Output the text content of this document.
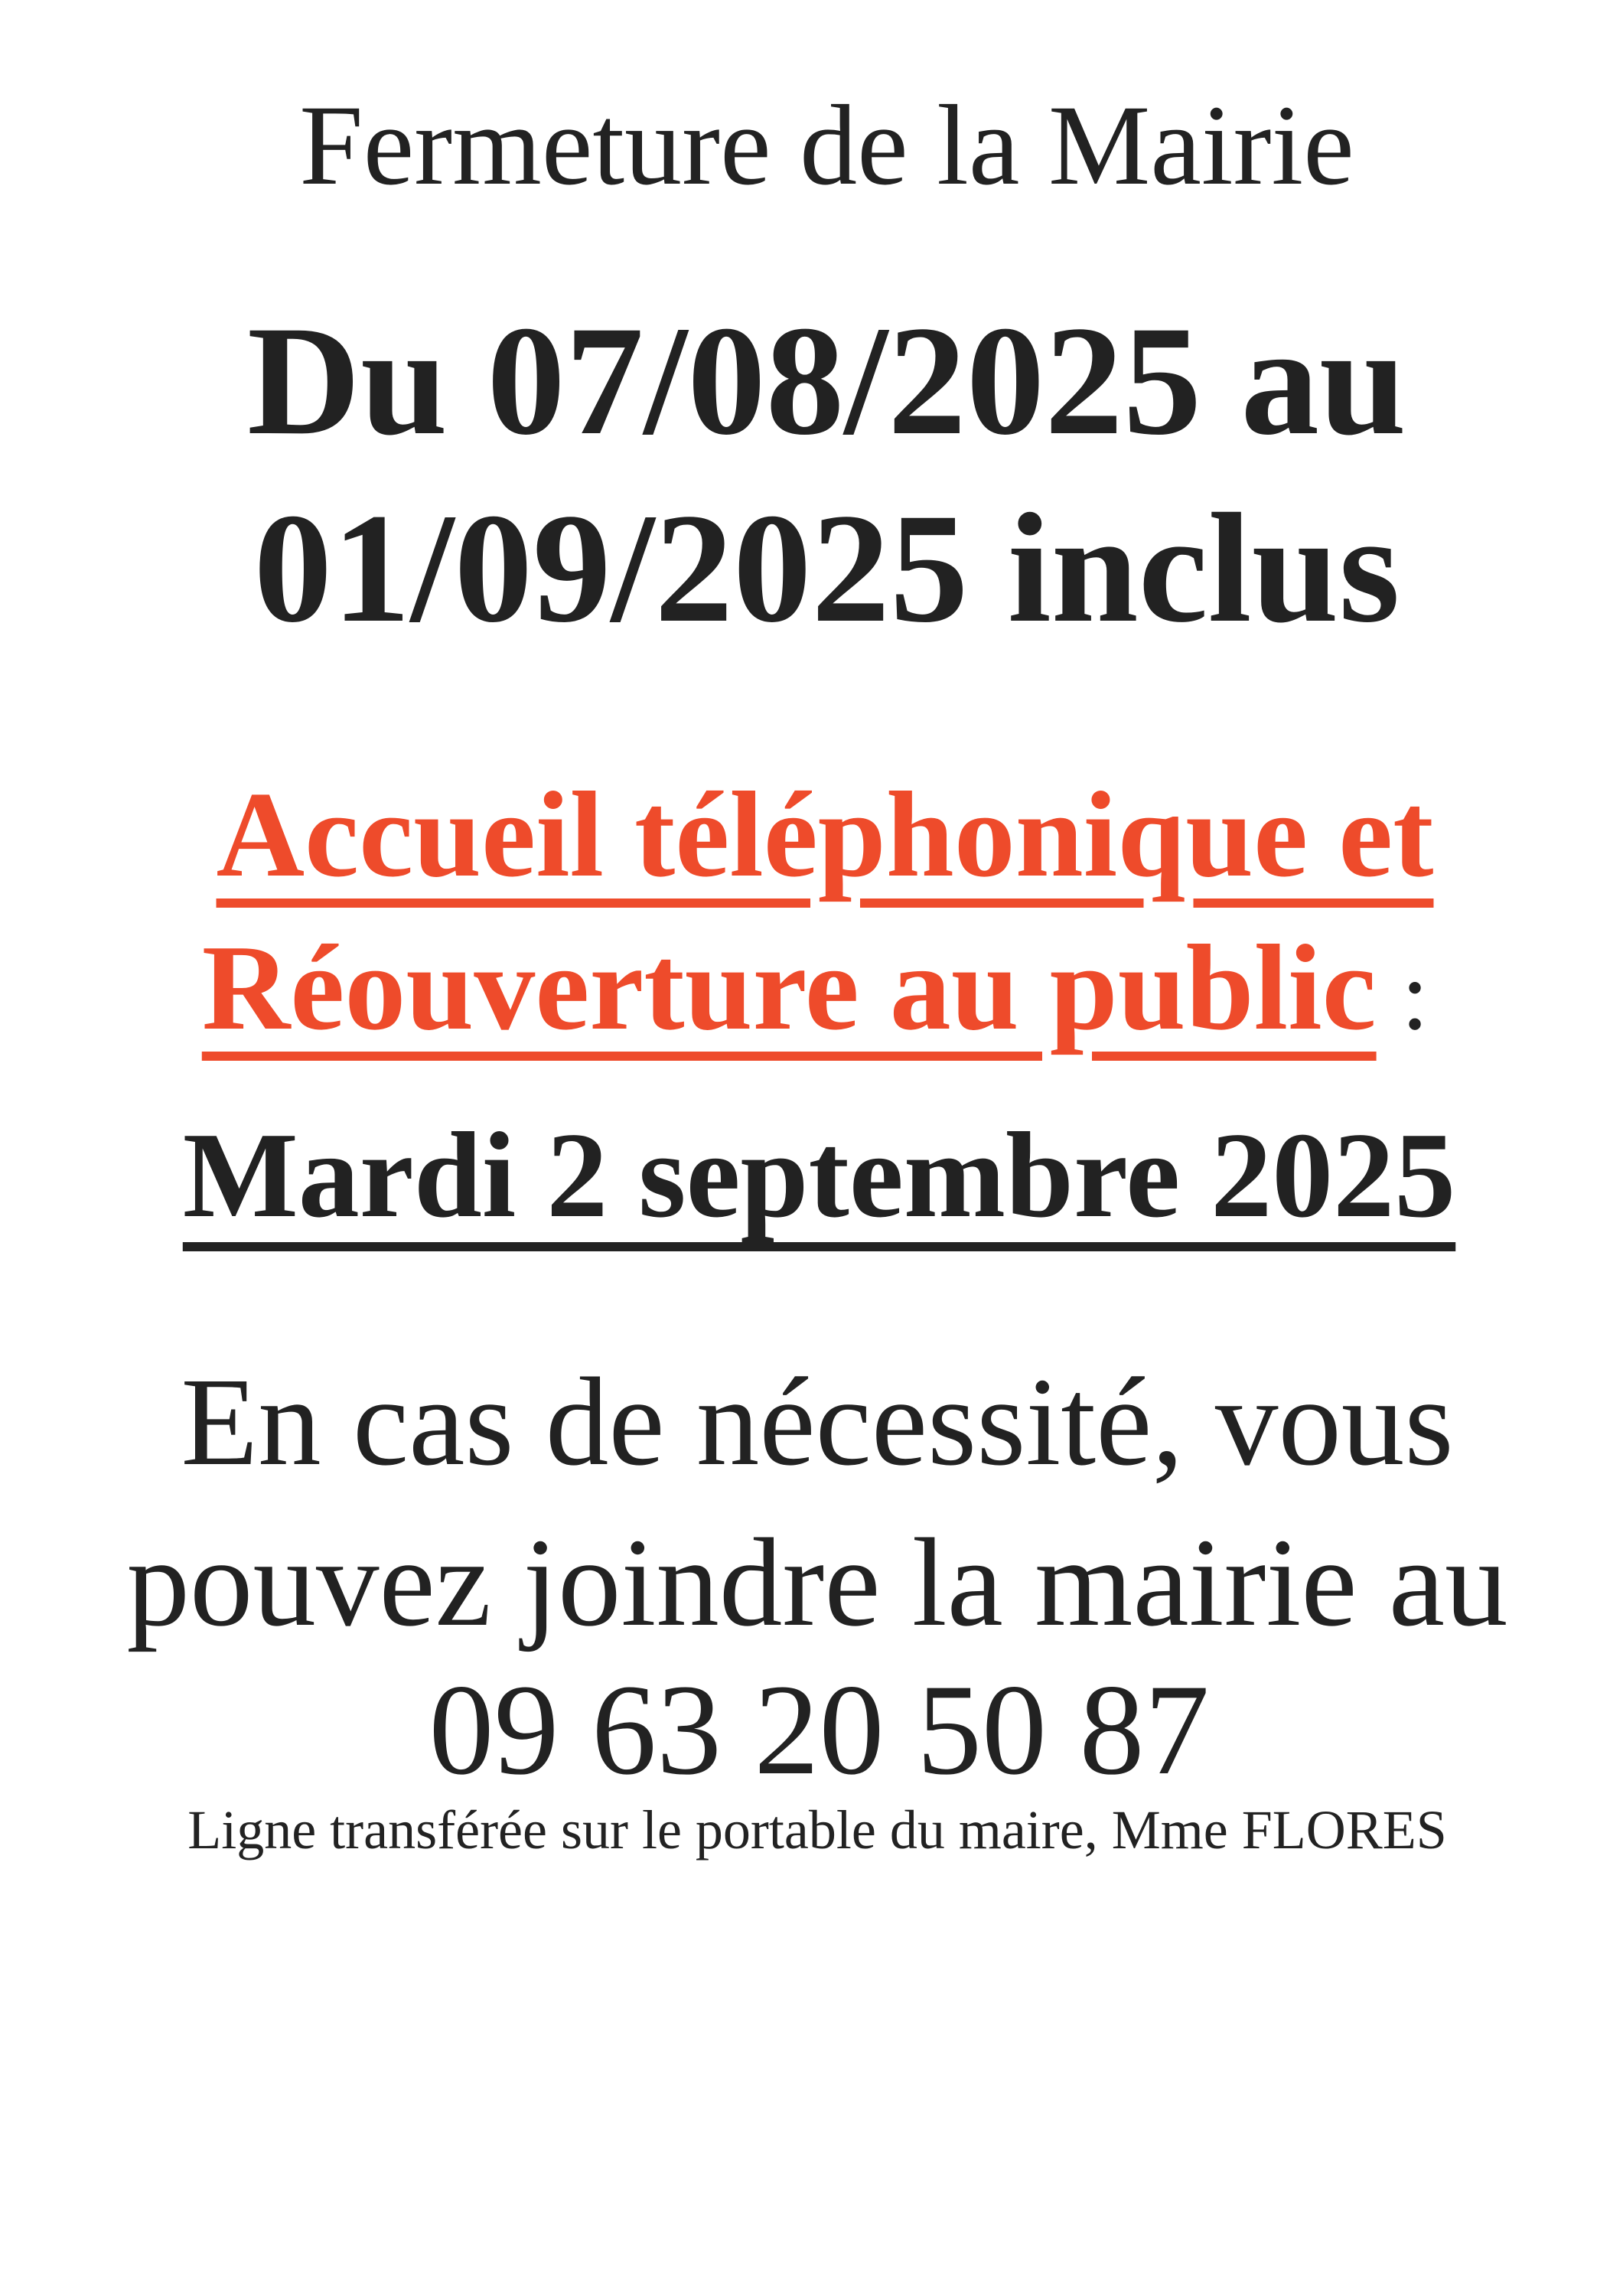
Fermeture de la Mairie
Du 07/08/2025 au
01/09/2025 inclus
Accueil téléphonique et
Réouverture au public :
Mardi 2 septembre 2025
En cas de nécessité, vous
pouvez joindre la mairie au
09 63 20 50 87
Ligne transférée sur le portable du maire, Mme FLORES
